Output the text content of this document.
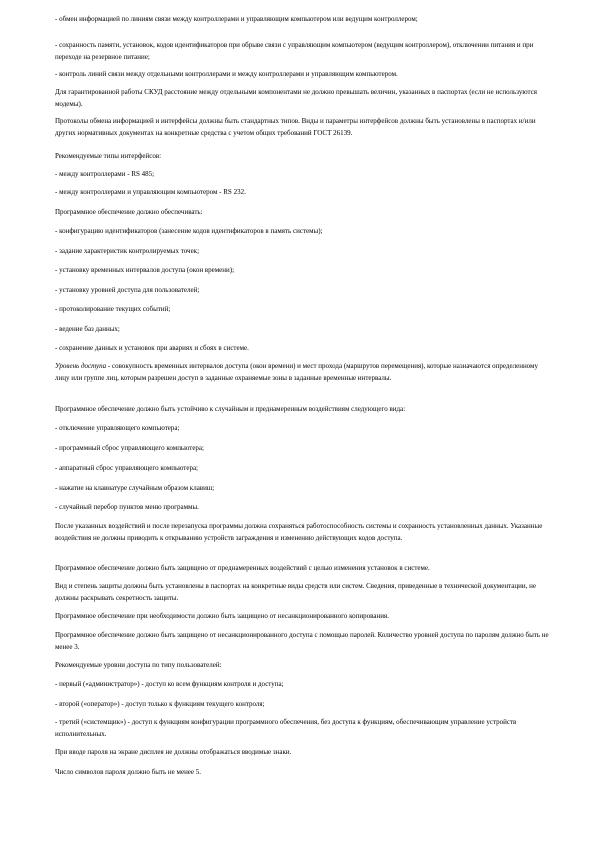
- обмен информацией по линиям связи между контроллерами и управляющим компьютером или ведущим контроллером;

- сохранность памяти, установок, кодов идентификаторов при обрыве связи с управляющим компьютером (ведущим контроллером), отключении питания и при переходе на резервное питание;

- контроль линий связи между отдельными контроллерами и между контроллерами и управляющим компьютером.

Для гарантированной работы СКУД расстояние между отдельными компонентами не должно превышать величин, указанных в паспортах (если не используются модемы).

Протоколы обмена информацией и интерфейсы должны быть стандартных типов. Виды и параметры интерфейсов должны быть установлены в паспортах и/или других нормативных документах на конкретные средства с учетом общих требований ГОСТ 26139.

Рекомендуемые типы интерфейсов:

- между контроллерами - RS 485;

- между контроллерами и управляющим компьютером - RS 232.

Программное обеспечение должно обеспечивать:

- конфигурацию идентификаторов (занесение кодов идентификаторов в память системы);

- задание характеристик контролируемых точек;

- установку временных интервалов доступа (окон времени);

- установку уровней доступа для пользователей;

- протоколирование текущих событий;

- ведение баз данных;

- сохранение данных и установок при авариях и сбоях в системе.

Уровень доступа - совокупность временных интервалов доступа (окон времени) и мест прохода (маршрутов перемещения), которые назначаются определенному лицу или группе лиц, которым разрешен доступ в заданные охраняемые зоны в заданные временные интервалы.

Программное обеспечение должно быть устойчиво к случайным и преднамеренным воздействиям следующего вида:

- отключение управляющего компьютера;

- программный сброс управляющего компьютера;

- аппаратный сброс управляющего компьютера;

- нажатие на клавиатуре случайным образом клавиш;

- случайный перебор пунктов меню программы.

После указанных воздействий и после перезапуска программы должна сохраняться работоспособность системы и сохранность установленных данных. Указанные воздействия не должны приводить к открыванию устройств заграждения и изменению действующих кодов доступа.

Программное обеспечение должно быть защищено от преднамеренных воздействий с целью изменения установок в системе.

Вид и степень защиты должны быть установлены в паспортах на конкретные виды средств или систем. Сведения, приведенные в технической документации, не должны раскрывать секретность защиты.

Программное обеспечение при необходимости должно быть защищено от несанкционированного копирования.

Программное обеспечение должно быть защищено от несанкционированного доступа с помощью паролей. Количество уровней доступа по паролям должно быть не менее 3.

Рекомендуемые уровни доступа по типу пользователей:

- первый («администратор») - доступ ко всем функциям контроля и доступа;

- второй («оператор») - доступ только к функциям текущего контроля;

- третий («системщик») - доступ к функциям конфигурации программного обеспечения, без доступа к функциям, обеспечивающим управление устройств исполнительных.

При вводе пароля на экране дисплея не должны отображаться вводимые знаки.

Число символов пароля должно быть не менее 5.
